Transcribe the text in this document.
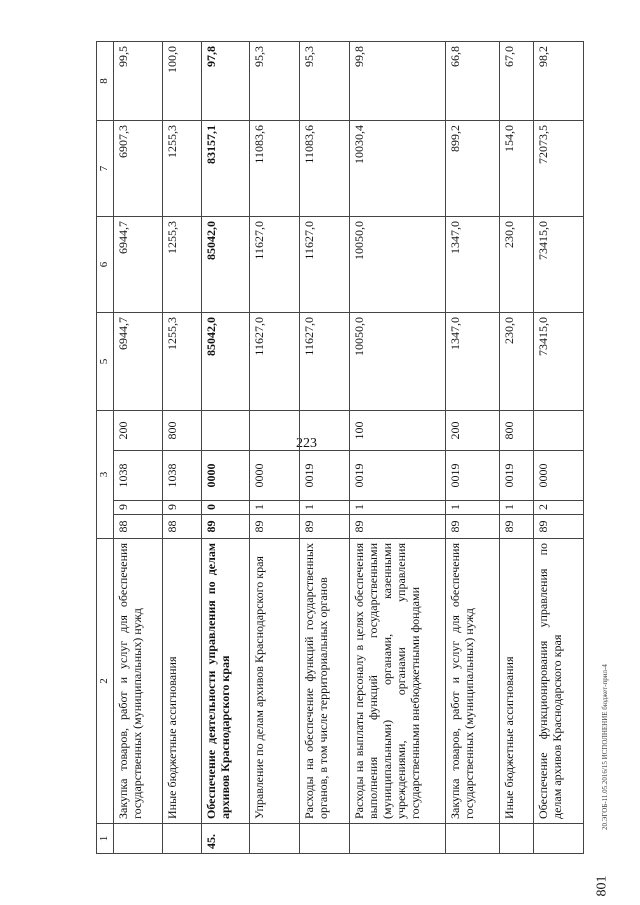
223
20.ЭГОБ-11.05.2016/15 ИСПОЛНЕНИЕ бюджет-прил-4
801
1	2	3				5	6	7	8
	Закупка товаров, работ и услуг для обеспечения государственных (муниципальных) нужд	88	9	1038	200	6944,7	6944,7	6907,3	99,5
	Иные бюджетные ассигнования	88	9	1038	800	1255,3	1255,3	1255,3	100,0
45.	Обеспечение деятельности управления по делам архивов Краснодарского края	89	0	0000		85042,0	85042,0	83157,1	97,8
	Управление по делам архивов Краснодарского края	89	1	0000		11627,0	11627,0	11083,6	95,3
	Расходы на обеспечение функций государственных органов, в том числе территориальных органов	89	1	0019		11627,0	11627,0	11083,6	95,3
	Расходы на выплаты персоналу в целях обеспечения выполнения функций государственными (муниципальными) органами, казенными учреждениями, органами управления государственными внебюджетными фондами	89	1	0019	100	10050,0	10050,0	10030,4	99,8
	Закупка товаров, работ и услуг для обеспечения государственных (муниципальных) нужд	89	1	0019	200	1347,0	1347,0	899,2	66,8
	Иные бюджетные ассигнования	89	1	0019	800	230,0	230,0	154,0	67,0
	Обеспечение функционирования управления по делам архивов Краснодарского края	89	2	0000		73415,0	73415,0	72073,5	98,2
